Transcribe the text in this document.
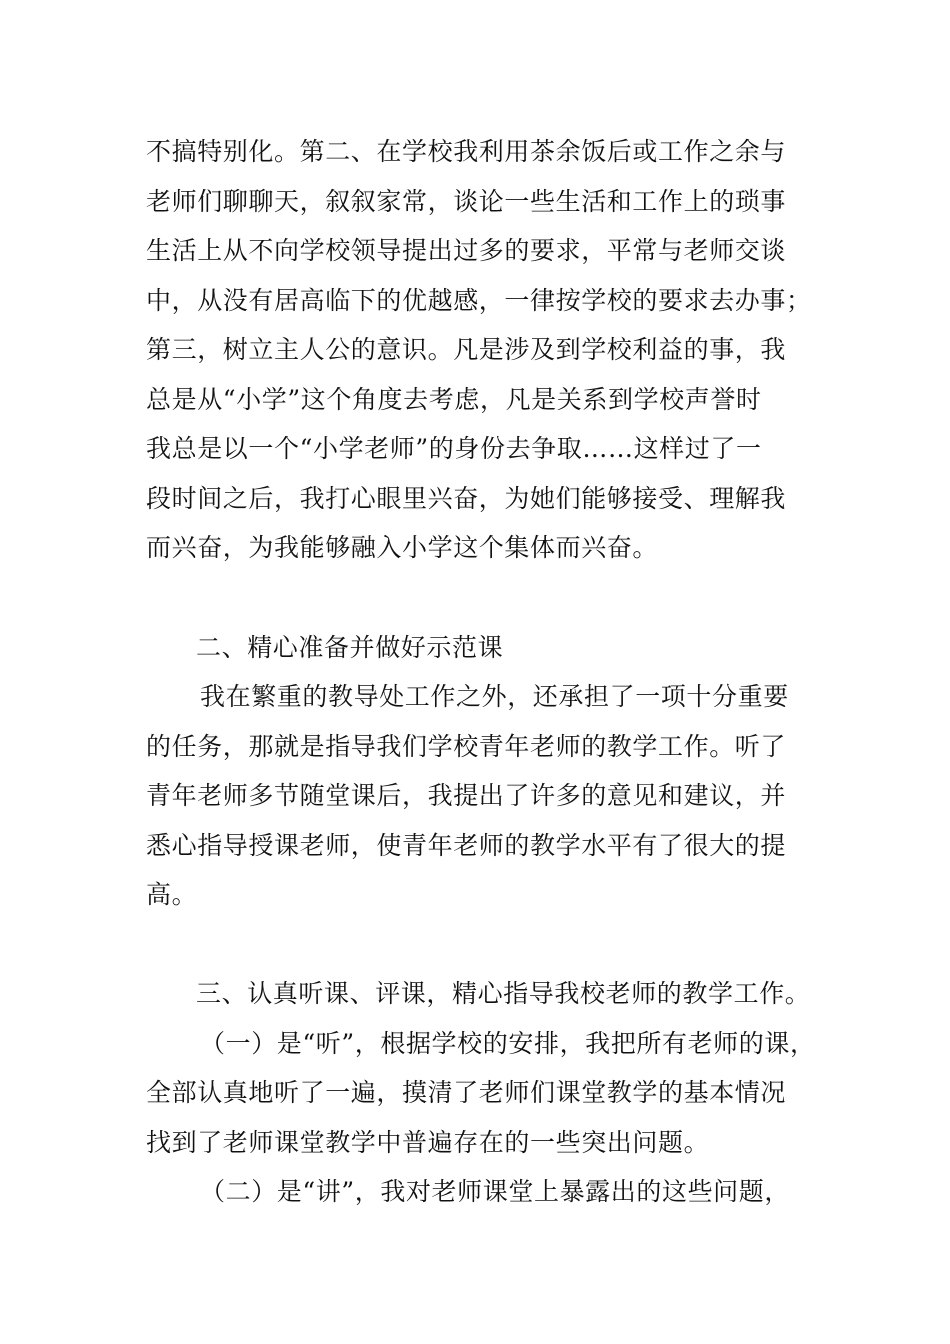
不搞特别化。第二、在学校我利用茶余饭后或工作之余与
老师们聊聊天，叙叙家常，谈论一些生活和工作上的琐事
生活上从不向学校领导提出过多的要求，平常与老师交谈
中，从没有居高临下的优越感，一律按学校的要求去办事；
第三，树立主人公的意识。凡是涉及到学校利益的事，我
总是从“小学”这个角度去考虑，凡是关系到学校声誉时
我总是以一个“小学老师”的身份去争取……这样过了一
段时间之后，我打心眼里兴奋，为她们能够接受、理解我
而兴奋，为我能够融入小学这个集体而兴奋。
二、精心准备并做好示范课
我在繁重的教导处工作之外，还承担了一项十分重要
的任务，那就是指导我们学校青年老师的教学工作。听了
青年老师多节随堂课后，我提出了许多的意见和建议，并
悉心指导授课老师，使青年老师的教学水平有了很大的提
高。
三、认真听课、评课，精心指导我校老师的教学工作。
（一）是“听”，根据学校的安排，我把所有老师的课，
全部认真地听了一遍，摸清了老师们课堂教学的基本情况
找到了老师课堂教学中普遍存在的一些突出问题。
（二）是“讲”，我对老师课堂上暴露出的这些问题，
